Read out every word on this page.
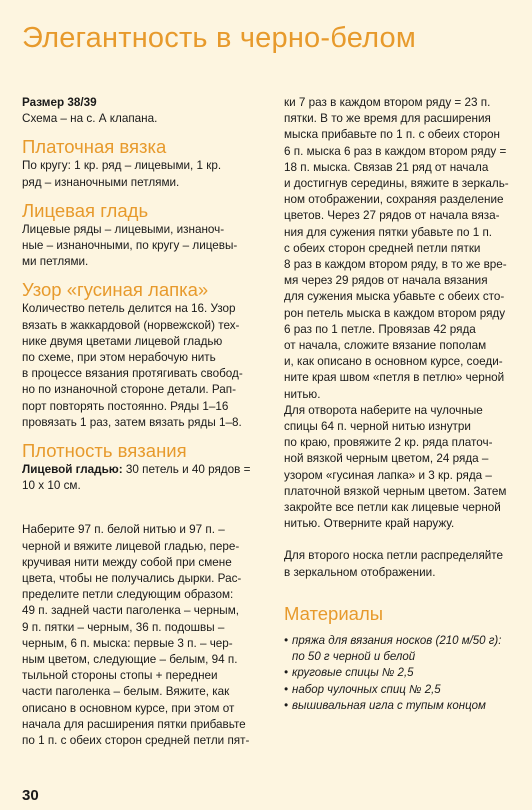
Элегантность в черно-белом

Размер 38/39

Схема – на с. А клапана.

Платочная вязка

По кругу: 1 кр. ряд – лицевыми, 1 кр.

ряд – изнаночными петлями.

Лицевая гладь

Лицевые ряды – лицевыми, изнаноч-

ные – изнаночными, по кругу – лицевы-

ми петлями.

Узор «гусиная лапка»

Количество петель делится на 16. Узор

вязать в жаккардовой (норвежской) тех-

нике двумя цветами лицевой гладью

по схеме, при этом нерабочую нить

в процессе вязания протягивать свобод-

но по изнаночной стороне детали. Рап-

порт повторять постоянно. Ряды 1–16

провязать 1 раз, затем вязать ряды 1–8.

Плотность вязания

Лицевой гладью: 30 петель и 40 рядов =

10 х 10 см.

Наберите 97 п. белой нитью и 97 п. –

черной и вяжите лицевой гладью, пере-

кручивая нити между собой при смене

цвета, чтобы не получались дырки. Рас-

пределите петли следующим образом:

49 п. задней части паголенка – черным,

9 п. пятки – черным, 36 п. подошвы –

черным, 6 п. мыска: первые 3 п. – чер-

ным цветом, следующие – белым, 94 п.

тыльной стороны стопы + переднеи

части паголенка – белым. Вяжите, как

описано в основном курсе, при этом от

начала для расширения пятки прибавьте

по 1 п. с обеих сторон средней петли пят-

ки 7 раз в каждом втором ряду = 23 п.

пятки. В то же время для расширения

мыска прибавьте по 1 п. с обеих сторон

6 п. мыска 6 раз в каждом втором ряду =

18 п. мыска. Связав 21 ряд от начала

и достигнув середины, вяжите в зеркаль-

ном отображении, сохраняя разделение

цветов. Через 27 рядов от начала вяза-

ния для сужения пятки убавьте по 1 п.

с обеих сторон средней петли пятки

8 раз в каждом втором ряду, в то же вре-

мя через 29 рядов от начала вязания

для сужения мыска убавьте с обеих сто-

рон петель мыска в каждом втором ряду

6 раз по 1 петле. Провязав 42 ряда

от начала, сложите вязание пополам

и, как описано в основном курсе, соеди-

ните края швом «петля в петлю» черной

нитью.

Для отворота наберите на чулочные

спицы 64 п. черной нитью изнутри

по краю, провяжите 2 кр. ряда платоч-

ной вязкой черным цветом, 24 ряда –

узором «гусиная лапка» и 3 кр. ряда –

платочной вязкой черным цветом. Затем

закройте все петли как лицевые черной

нитью. Отверните край наружу.

Для второго носка петли распределяйте

в зеркальном отображении.

Материалы
• пряжа для вязания носков (210 м/50 г):
по 50 г черной и белой
• круговые спицы № 2,5
• набор чулочных спиц № 2,5
• вышивальная игла с тупым концом
30
